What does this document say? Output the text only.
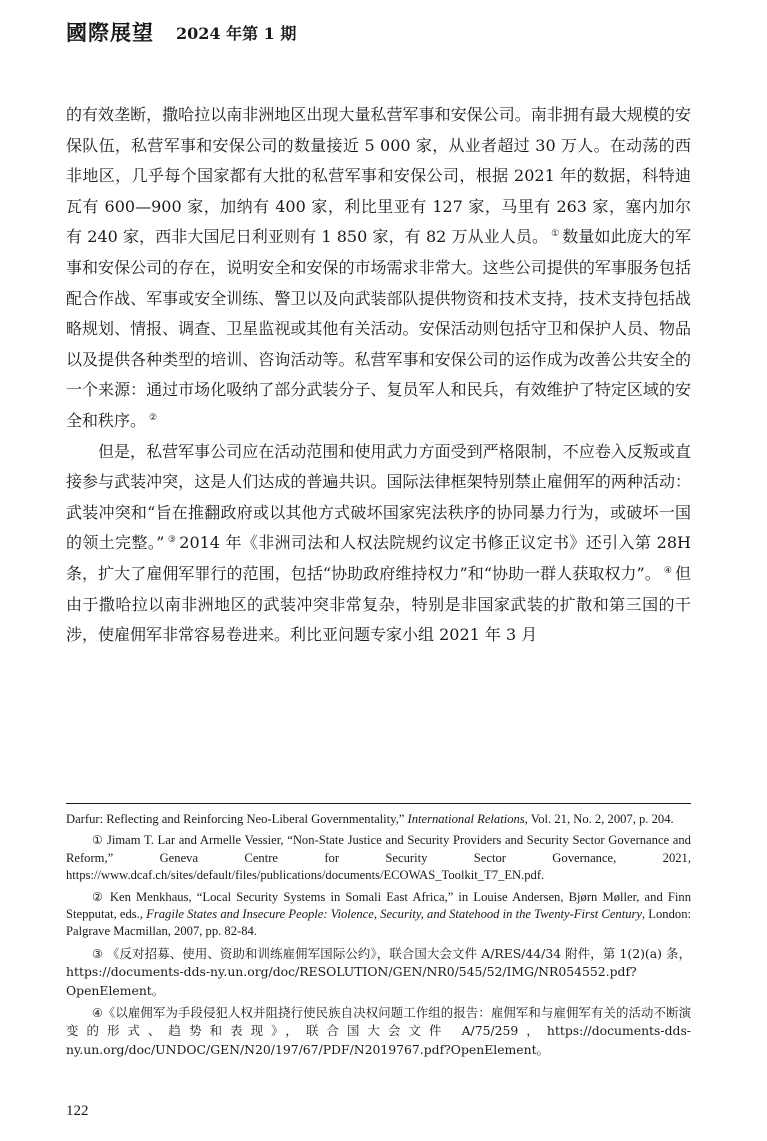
國際展望 2024 年第 1 期

的有效垄断，撒哈拉以南非洲地区出现大量私营军事和安保公司。南非拥有最大规模的安保队伍，私营军事和安保公司的数量接近 5 000 家，从业者超过 30 万人。在动荡的西非地区，几乎每个国家都有大批的私营军事和安保公司，根据 2021 年的数据，科特迪瓦有 600—900 家，加纳有 400 家，利比里亚有 127 家，马里有 263 家，塞内加尔有 240 家，西非大国尼日利亚则有 1 850 家，有 82 万从业人员。 ① 数量如此庞大的军事和安保公司的存在，说明安全和安保的市场需求非常大。这些公司提供的军事服务包括配合作战、军事或安全训练、警卫以及向武装部队提供物资和技术支持，技术支持包括战略规划、情报、调查、卫星监视或其他有关活动。安保活动则包括守卫和保护人员、物品以及提供各种类型的培训、咨询活动等。私营军事和安保公司的运作成为改善公共安全的一个来源：通过市场化吸纳了部分武装分子、复员军人和民兵，有效维护了特定区域的安全和秩序。 ②

但是，私营军事公司应在活动范围和使用武力方面受到严格限制，不应卷入反叛或直接参与武装冲突，这是人们达成的普遍共识。国际法律框架特别禁止雇佣军的两种活动：武装冲突和“旨在推翻政府或以其他方式破坏国家宪法秩序的协同暴力行为，或破坏一国的领土完整。” ③ 2014 年《非洲司法和人权法院规约议定书修正议定书》还引入第 28H 条，扩大了雇佣军罪行的范围，包括“协助政府维持权力”和“协助一群人获取权力”。 ④ 但由于撒哈拉以南非洲地区的武装冲突非常复杂，特别是非国家武装的扩散和第三国的干涉，使雇佣军非常容易卷进来。利比亚问题专家小组 2021 年 3 月

Darfur: Reflecting and Reinforcing Neo-Liberal Governmentality,” International Relations, Vol. 21, No. 2, 2007, p. 204.

① Jimam T. Lar and Armelle Vessier, “Non-State Justice and Security Providers and Security Sector Governance and Reform,” Geneva Centre for Security Sector Governance, 2021, https://www.dcaf.ch/sites/default/files/publications/documents/ECOWAS_Toolkit_T7_EN.pdf.

② Ken Menkhaus, “Local Security Systems in Somali East Africa,” in Louise Andersen, Bjørn Møller, and Finn Stepputat, eds., Fragile States and Insecure People: Violence, Security, and Statehood in the Twenty-First Century, London: Palgrave Macmillan, 2007, pp. 82-84.

③ 《反对招募、使用、资助和训练雇佣军国际公约》，联合国大会文件 A/RES/44/34 附件，第 1(2)(a) 条，https://documents-dds-ny.un.org/doc/RESOLUTION/GEN/NR0/545/52/IMG/NR054552.pdf?OpenElement。

④《以雇佣军为手段侵犯人权并阻挠行使民族自决权问题工作组的报告：雇佣军和与雇佣军有关的活动不断演变的形式、趋势和表现》，联合国大会文件 A/75/259，https://documents-dds-ny.un.org/doc/UNDOC/GEN/N20/197/67/PDF/N2019767.pdf?OpenElement。

122
